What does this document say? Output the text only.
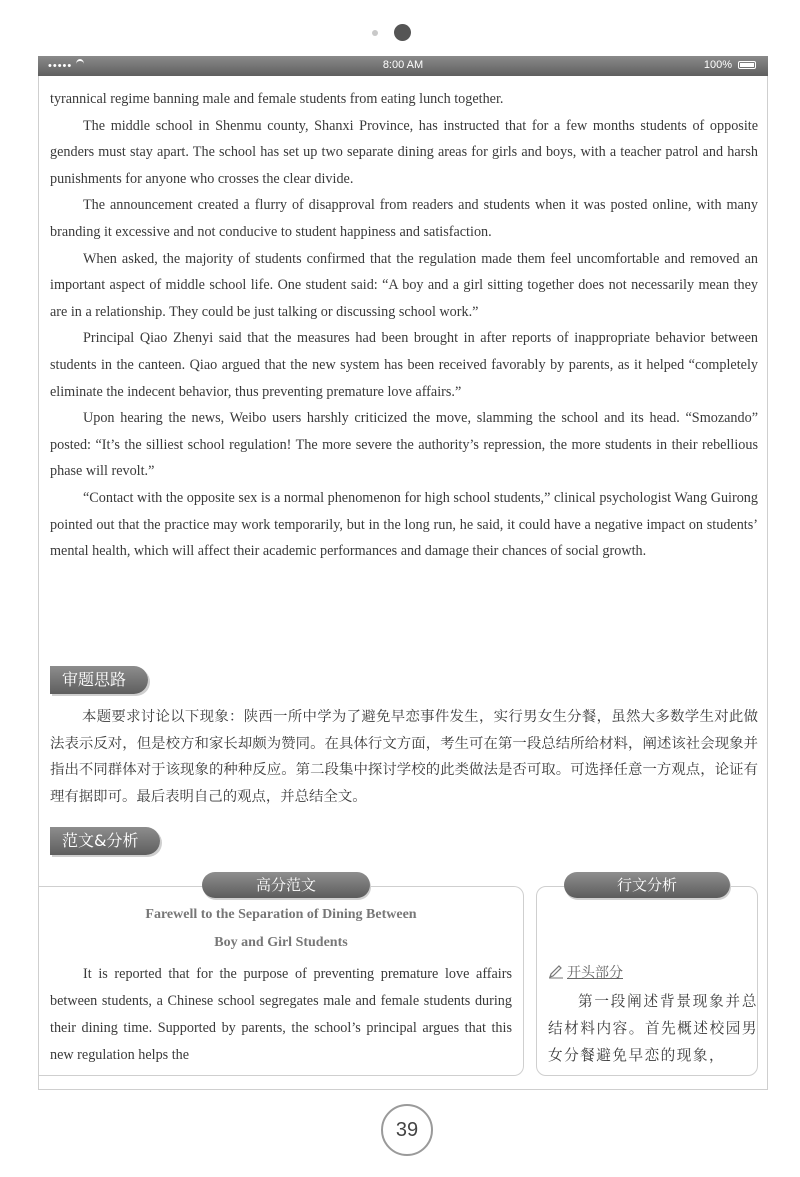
•••••	8:00 AM	100%

tyrannical regime banning male and female students from eating lunch together.

The middle school in Shenmu county, Shanxi Province, has instructed that for a few months students of opposite genders must stay apart. The school has set up two separate dining areas for girls and boys, with a teacher patrol and harsh punishments for anyone who crosses the clear divide.

The announcement created a flurry of disapproval from readers and students when it was posted online, with many branding it excessive and not conducive to student happiness and satisfaction.

When asked, the majority of students confirmed that the regulation made them feel uncomfortable and removed an important aspect of middle school life. One student said: “A boy and a girl sitting together does not necessarily mean they are in a relationship. They could be just talking or discussing school work.”

Principal Qiao Zhenyi said that the measures had been brought in after reports of inappropriate behavior between students in the canteen. Qiao argued that the new system has been received favorably by parents, as it helped “completely eliminate the indecent behavior, thus preventing premature love affairs.”

Upon hearing the news, Weibo users harshly criticized the move, slamming the school and its head. “Smozando” posted: “It’s the silliest school regulation! The more severe the authority’s repression, the more students in their rebellious phase will revolt.”

“Contact with the opposite sex is a normal phenomenon for high school students,” clinical psychologist Wang Guirong pointed out that the practice may work temporarily, but in the long run, he said, it could have a negative impact on students’ mental health, which will affect their academic performances and damage their chances of social growth.

审题思路
本题要求讨论以下现象：陕西一所中学为了避免早恋事件发生，实行男女生分餐，虽然大多数学生对此做法表示反对，但是校方和家长却颇为赞同。在具体行文方面，考生可在第一段总结所给材料，阐述该社会现象并指出不同群体对于该现象的种种反应。第二段集中探讨学校的此类做法是否可取。可选择任意一方观点，论证有理有据即可。最后表明自己的观点，并总结全文。
范文&分析
高分范文	行文分析
Farewell to the Separation of Dining Between
Boy and Girl Students
It is reported that for the purpose of preventing premature love affairs between students, a Chinese school segregates male and female students during their dining time. Supported by parents, the school’s principal argues that this new regulation helps the
开头部分
第一段阐述背景现象并总结材料内容。首先概述校园男女分餐避免早恋的现象，
39
